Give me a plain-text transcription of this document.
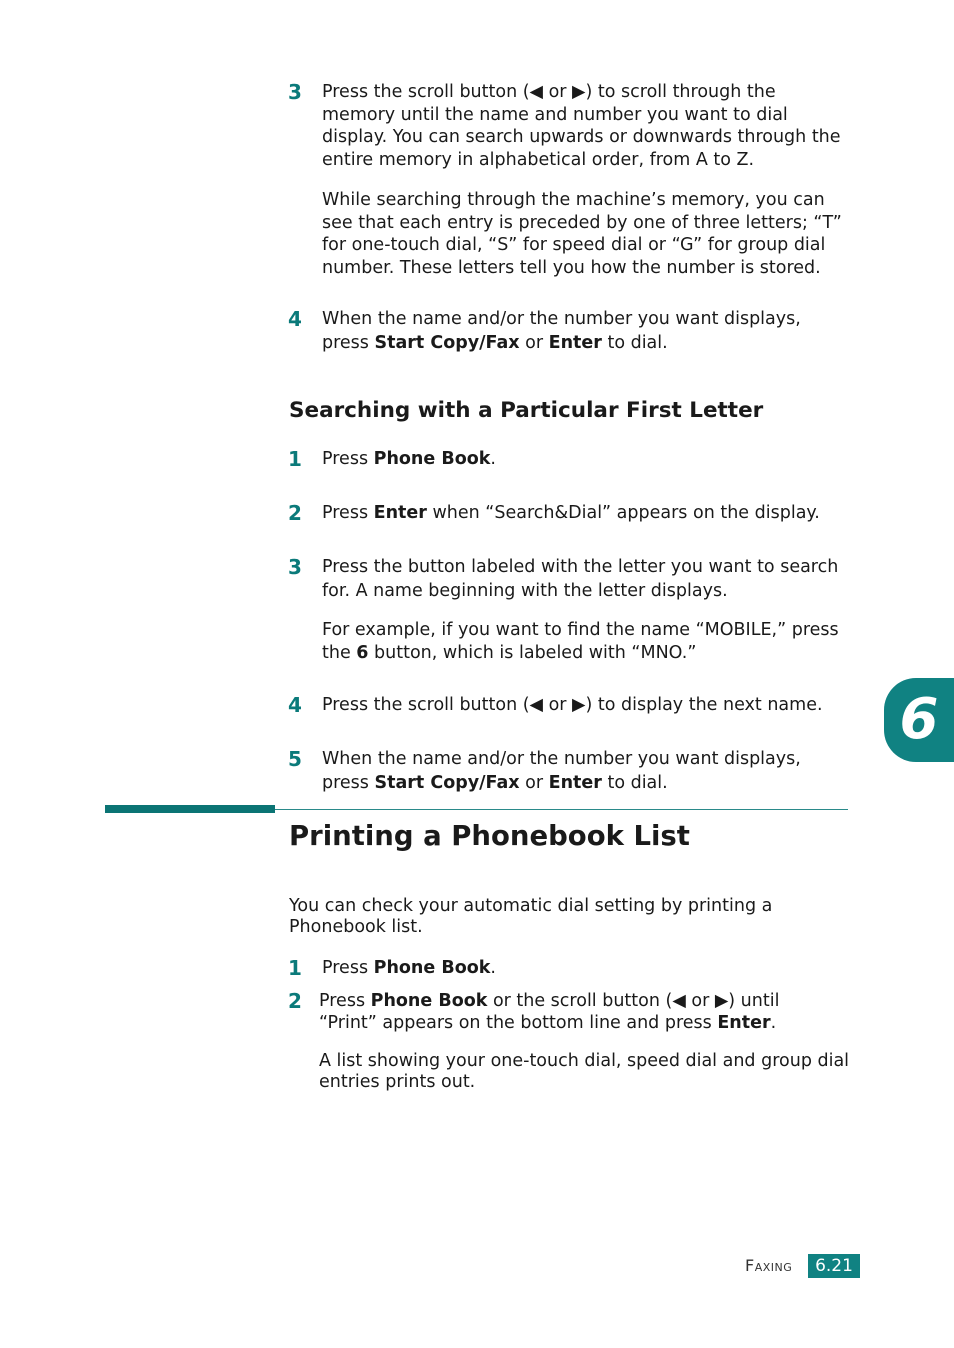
3 Press the scroll button (◀ or ▶) to scroll through the
memory until the name and number you want to dial
display. You can search upwards or downwards through the
entire memory in alphabetical order, from A to Z.
While searching through the machine’s memory, you can
see that each entry is preceded by one of three letters; “T”
for one-touch dial, “S” for speed dial or “G” for group dial
number. These letters tell you how the number is stored.
4 When the name and/or the number you want displays,
press Start Copy/Fax or Enter to dial.
Searching with a Particular First Letter
1 Press Phone Book.
2 Press Enter when “Search&Dial” appears on the display.
3 Press the button labeled with the letter you want to search
for. A name beginning with the letter displays.
For example, if you want to find the name “MOBILE,” press
the 6 button, which is labeled with “MNO.”
4 Press the scroll button (◀ or ▶) to display the next name.
5 When the name and/or the number you want displays,
press Start Copy/Fax or Enter to dial.
Printing a Phonebook List
You can check your automatic dial setting by printing a
Phonebook list.
1 Press Phone Book.
2 Press Phone Book or the scroll button (◀ or ▶) until
“Print” appears on the bottom line and press Enter.
A list showing your one-touch dial, speed dial and group dial
entries prints out.
6
Faxing	6.21
